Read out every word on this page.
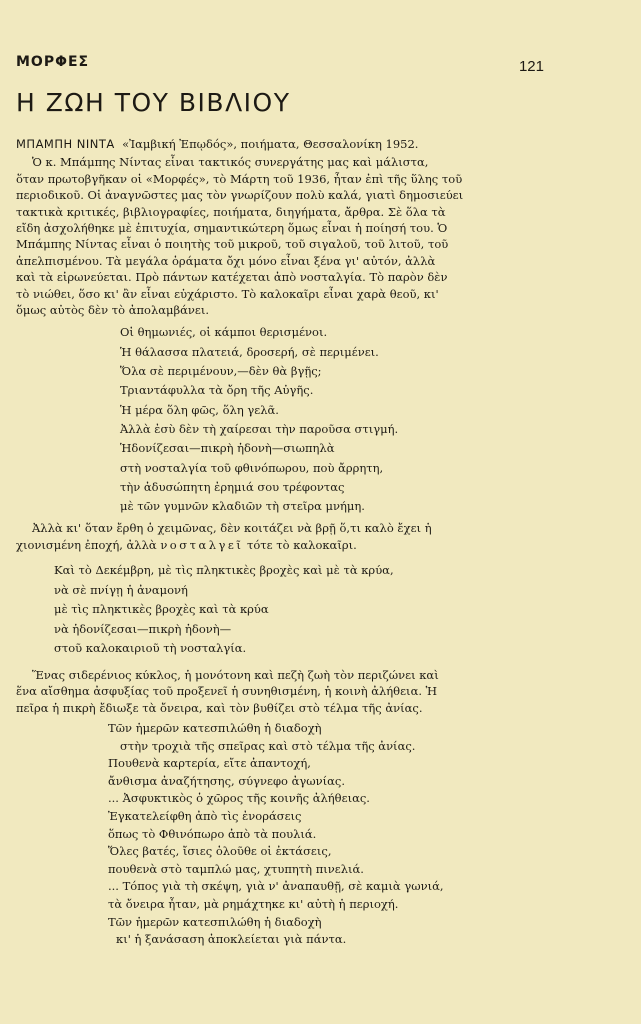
ΜΟΡΦΕΣ	121
Η ΖΩΗ ΤΟΥ ΒΙΒΛΙΟΥ

ΜΠΑΜΠΗ ΝΙΝΤΑ «Ἰαμβική Ἐπῳδός», ποιήματα, Θεσσαλονίκη 1952.

Ὁ κ. Μπάμπης Νίντας εἶναι τακτικός συνεργάτης μας καὶ μάλιστα,
ὅταν πρωτοβγῆκαν οἱ «Μορφές», τὸ Μάρτη τοῦ 1936, ἦταν ἐπὶ τῆς ὕλης τοῦ
περιοδικοῦ. Οἱ ἀναγνῶστες μας τὸν γνωρίζουν πολὺ καλά, γιατὶ δημοσιεύει
τακτικὰ κριτικές, βιβλιογραφίες, ποιήματα, διηγήματα, ἄρθρα. Σὲ ὅλα τὰ
εἴδη ἀσχολήθηκε μὲ ἐπιτυχία, σημαντικώτερη ὅμως εἶναι ἡ ποίησή του. Ὁ
Μπάμπης Νίντας εἶναι ὁ ποιητὴς τοῦ μικροῦ, τοῦ σιγαλοῦ, τοῦ λιτοῦ, τοῦ
ἀπελπισμένου. Τὰ μεγάλα ὁράματα ὄχι μόνο εἶναι ξένα γι' αὐτόν, ἀλλὰ
καὶ τὰ εἰρωνεύεται. Πρὸ πάντων κατέχεται ἀπὸ νοσταλγία. Τὸ παρὸν δὲν
τὸ νιώθει, ὅσο κι' ἂν εἶναι εὐχάριστο. Τὸ καλοκαῖρι εἶναι χαρὰ θεοῦ, κι'
ὅμως αὐτὸς δὲν τὸ ἀπολαμβάνει.
Οἱ θημωνιές, οἱ κάμποι θερισμένοι.
Ἡ θάλασσα πλατειά, δροσερή, σὲ περιμένει.
Ὅλα σὲ περιμένουν,—δὲν θὰ βγῇς;
Τριαντάφυλλα τὰ ὄρη τῆς Αὐγῆς.
Ἡ μέρα ὅλη φῶς, ὅλη γελᾶ.
Ἀλλὰ ἐσὺ δὲν τὴ χαίρεσαι τὴν παροῦσα στιγμή.
Ἡδονίζεσαι—πικρὴ ἡδονὴ—σιωπηλὰ
στὴ νοσταλγία τοῦ φθινόπωρου, ποὺ ἄρρητη,
τὴν ἀδυσώπητη ἐρημιά σου τρέφοντας
μὲ τῶν γυμνῶν κλαδιῶν τὴ στεῖρα μνήμη.
Ἀλλὰ κι' ὅταν ἔρθη ὁ χειμῶνας, δὲν κοιτάζει νὰ βρῇ ὅ,τι καλὸ ἔχει ἡ
χιονισμένη ἐποχή, ἀλλὰ νοσταλγεῖ τότε τὸ καλοκαῖρι.
Καὶ τὸ Δεκέμβρη, μὲ τὶς πληκτικὲς βροχὲς καὶ μὲ τὰ κρύα,
νὰ σὲ πνίγῃ ἡ ἀναμονή
μὲ τὶς πληκτικὲς βροχὲς καὶ τὰ κρύα
νὰ ἡδονίζεσαι—πικρὴ ἡδονὴ—
στοῦ καλοκαιριοῦ τὴ νοσταλγία.
Ἕνας σιδερένιος κύκλος, ἡ μονότονη καὶ πεζὴ ζωὴ τὸν περιζώνει καὶ
ἕνα αἴσθημα ἀσφυξίας τοῦ προξενεῖ ἡ συνηθισμένη, ἡ κοινὴ ἀλήθεια. Ἡ
πεῖρα ἡ πικρὴ ἔδιωξε τὰ ὄνειρα, καὶ τὸν βυθίζει στὸ τέλμα τῆς ἀνίας.
Τῶν ἡμερῶν κατεσπιλώθη ἡ διαδοχὴ
στὴν τροχιὰ τῆς σπεῖρας καὶ στὸ τέλμα τῆς ἀνίας.
Πουθενὰ καρτερία, εἴτε ἀπαντοχή,
ἄνθισμα ἀναζήτησης, σύγνεφο ἀγωνίας.
... Ἀσφυκτικὸς ὁ χῶρος τῆς κοινῆς ἀλήθειας.
Ἐγκατελείφθη ἀπὸ τὶς ἐνοράσεις
ὅπως τὸ Φθινόπωρο ἀπὸ τὰ πουλιά.
Ὅλες βατές, ἴσιες ὁλοῦθε οἱ ἐκτάσεις,
πουθενὰ στὸ ταμπλώ μας, χτυπητὴ πινελιά.
... Τόπος γιὰ τὴ σκέψη, γιὰ ν' ἀναπαυθῇ, σὲ καμιὰ γωνιά,
τὰ ὄνειρα ἦταν, μὰ ρημάχτηκε κι' αὐτὴ ἡ περιοχή.
Τῶν ἡμερῶν κατεσπιλώθη ἡ διαδοχὴ
κι' ἡ ξανάσαση ἀποκλείεται γιὰ πάντα.
